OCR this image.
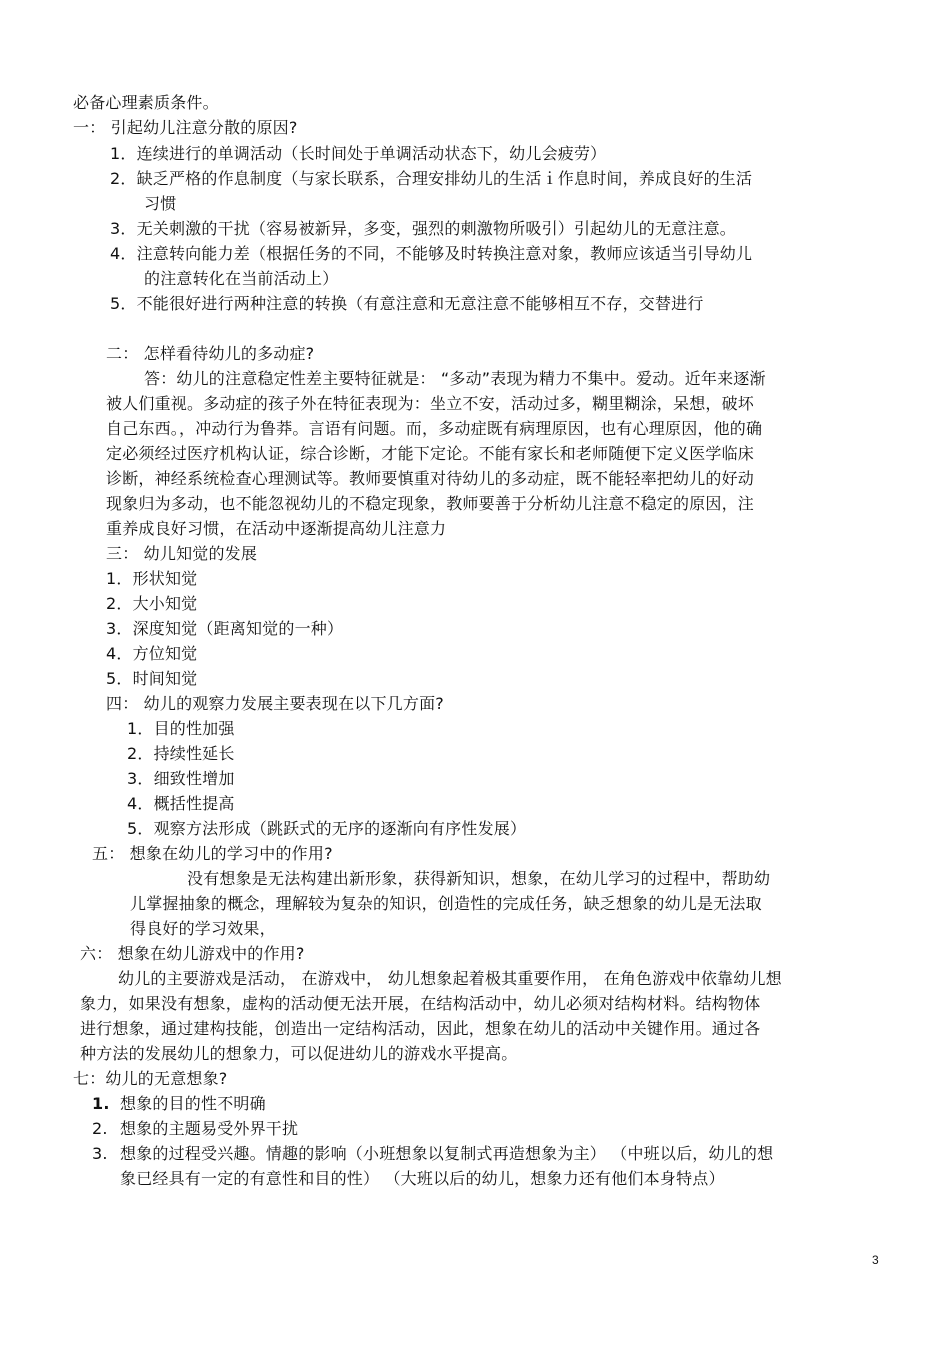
必备心理素质条件。
一： 引起幼儿注意分散的原因?
1．连续进行的单调活动（长时间处于单调活动状态下，幼儿会疲劳）
2．缺乏严格的作息制度（与家长联系，合理安排幼儿的生活ｉ作息时间，养成良好的生活
习惯
3．无关刺激的干扰（容易被新异，多变，强烈的刺激物所吸引）引起幼儿的无意注意。
4．注意转向能力差（根据任务的不同，不能够及时转换注意对象，教师应该适当引导幼儿
的注意转化在当前活动上）
5．不能很好进行两种注意的转换（有意注意和无意注意不能够相互不存，交替进行
二： 怎样看待幼儿的多动症?
答：幼儿的注意稳定性差主要特征就是： “多动”表现为精力不集中。爱动。近年来逐渐
被人们重视。多动症的孩子外在特征表现为：坐立不安，活动过多，糊里糊涂，呆想，破坏
自己东西。，冲动行为鲁莽。言语有问题。而，多动症既有病理原因，也有心理原因，他的确
定必须经过医疗机构认证，综合诊断，才能下定论。不能有家长和老师随便下定义医学临床
诊断，神经系统检查心理测试等。教师要慎重对待幼儿的多动症，既不能轻率把幼儿的好动
现象归为多动，也不能忽视幼儿的不稳定现象，教师要善于分析幼儿注意不稳定的原因，注
重养成良好习惯，在活动中逐渐提高幼儿注意力
三： 幼儿知觉的发展
1．形状知觉
2．大小知觉
3．深度知觉（距离知觉的一种）
4．方位知觉
5．时间知觉
四： 幼儿的观察力发展主要表现在以下几方面?
1．目的性加强
2．持续性延长
3．细致性增加
4．概括性提高
5．观察方法形成（跳跃式的无序的逐渐向有序性发展）
五： 想象在幼儿的学习中的作用?
没有想象是无法构建出新形象，获得新知识，想象，在幼儿学习的过程中，帮助幼
儿掌握抽象的概念，理解较为复杂的知识，创造性的完成任务，缺乏想象的幼儿是无法取
得良好的学习效果，
六： 想象在幼儿游戏中的作用?
幼儿的主要游戏是活动， 在游戏中， 幼儿想象起着极其重要作用， 在角色游戏中依靠幼儿想
象力，如果没有想象，虚构的活动便无法开展，在结构活动中，幼儿必须对结构材料。结构物体
进行想象，通过建构技能，创造出一定结构活动，因此，想象在幼儿的活动中关键作用。通过各
种方法的发展幼儿的想象力，可以促进幼儿的游戏水平提高。
七：幼儿的无意想象?
1. 想象的目的性不明确
2. 想象的主题易受外界干扰
3. 想象的过程受兴趣。情趣的影响（小班想象以复制式再造想象为主） （中班以后，幼儿的想
象已经具有一定的有意性和目的性） （大班以后的幼儿，想象力还有他们本身特点）
3
